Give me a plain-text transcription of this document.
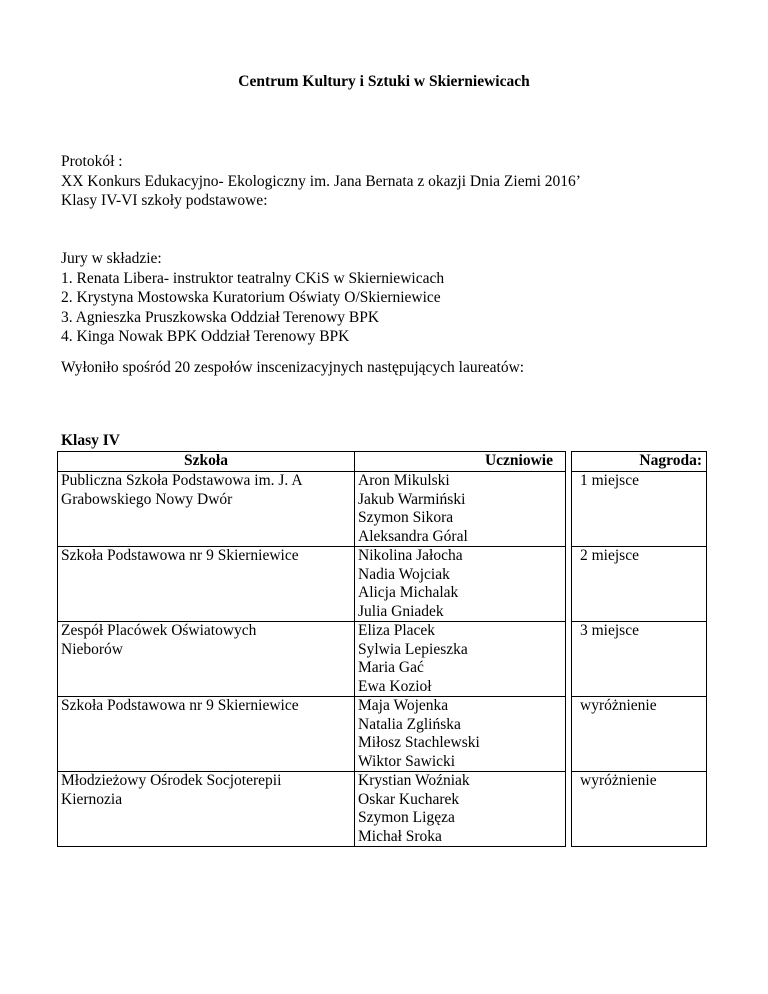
Centrum Kultury i Sztuki w Skierniewicach
Protokół :
XX Konkurs Edukacyjno- Ekologiczny im. Jana Bernata z okazji Dnia Ziemi 2016’
Klasy IV-VI szkoły podstawowe:
Jury w składzie:
1. Renata Libera- instruktor teatralny CKiS w Skierniewicach
2. Krystyna Mostowska Kuratorium Oświaty O/Skierniewice
3. Agnieszka Pruszkowska Oddział Terenowy BPK
4. Kinga Nowak BPK Oddział Terenowy BPK
Wyłoniło spośród 20 zespołów inscenizacyjnych następujących laureatów:
Klasy IV
Szkoła	Uczniowie		Nagroda:

Publiczna Szkoła Podstawowa im. J. A
Grabowskiego Nowy Dwór	Aron Mikulski
Jakub Warmiński
Szymon Sikora
Aleksandra Góral		1 miejsce

Szkoła Podstawowa nr 9 Skierniewice	Nikolina Jałocha
Nadia Wojciak
Alicja Michalak
Julia Gniadek		2 miejsce

Zespół Placówek Oświatowych
Nieborów	Eliza Placek
Sylwia Lepieszka
Maria Gać
Ewa Kozioł		3 miejsce

Szkoła Podstawowa nr 9 Skierniewice	Maja Wojenka
Natalia Zglińska
Miłosz Stachlewski
Wiktor Sawicki		wyróżnienie

Młodzieżowy Ośrodek Socjoterepii
Kiernozia	Krystian Woźniak
Oskar Kucharek
Szymon Ligęza
Michał Sroka		wyróżnienie
